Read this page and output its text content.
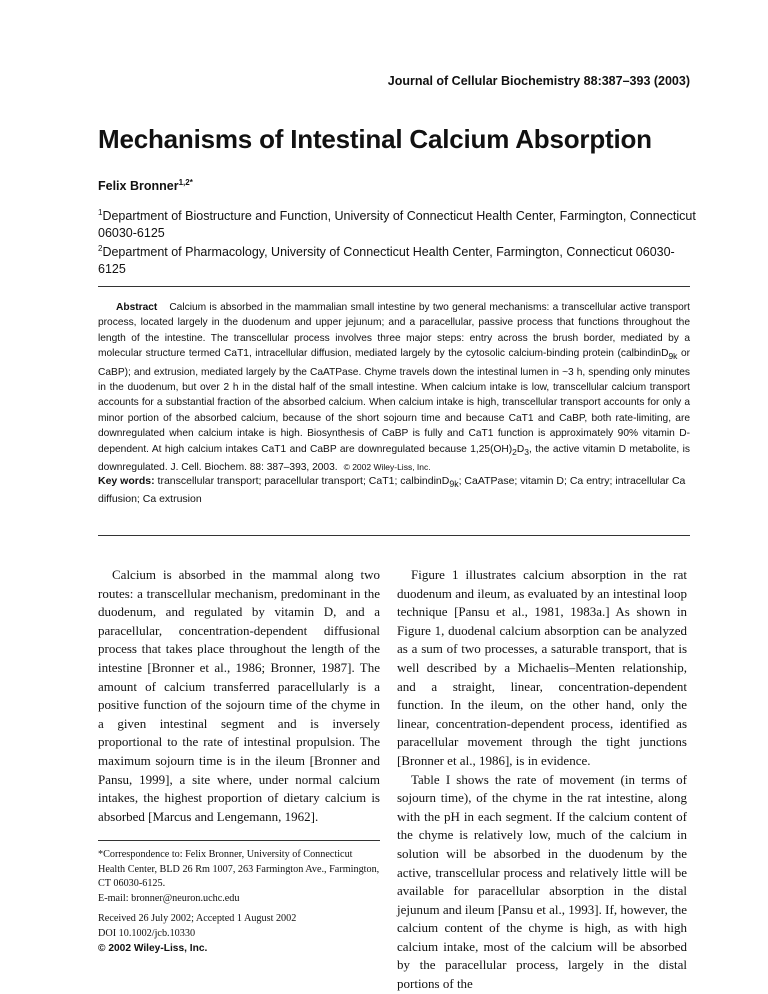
Journal of Cellular Biochemistry 88:387–393 (2003)
Mechanisms of Intestinal Calcium Absorption
Felix Bronner$^{1,2*}$
$^1$Department of Biostructure and Function, University of Connecticut Health Center, Farmington, Connecticut 06030-6125
$^2$Department of Pharmacology, University of Connecticut Health Center, Farmington, Connecticut 06030-6125
Abstract Calcium is absorbed in the mammalian small intestine by two general mechanisms: a transcellular active transport process, located largely in the duodenum and upper jejunum; and a paracellular, passive process that functions throughout the length of the intestine. The transcellular process involves three major steps: entry across the brush border, mediated by a molecular structure termed CaT1, intracellular diffusion, mediated largely by the cytosolic calcium-binding protein (calbindinD$_{9k}$ or CaBP); and extrusion, mediated largely by the CaATPase. Chyme travels down the intestinal lumen in ~3 h, spending only minutes in the duodenum, but over 2 h in the distal half of the small intestine. When calcium intake is low, transcellular calcium transport accounts for a substantial fraction of the absorbed calcium. When calcium intake is high, transcellular transport accounts for only a minor portion of the absorbed calcium, because of the short sojourn time and because CaT1 and CaBP, both rate-limiting, are downregulated when calcium intake is high. Biosynthesis of CaBP is fully and CaT1 function is approximately 90% vitamin D-dependent. At high calcium intakes CaT1 and CaBP are downregulated because $1,25(OH)_2D_3$, the active vitamin D metabolite, is downregulated. J. Cell. Biochem. 88: 387–393, 2003. © 2002 Wiley-Liss, Inc.
Key words: transcellular transport; paracellular transport; CaT1; calbindinD$_{9k}$; CaATPase; vitamin D; Ca entry; intracellular Ca diffusion; Ca extrusion

Calcium is absorbed in the mammal along two routes: a transcellular mechanism, predominant in the duodenum, and regulated by vitamin D, and a paracellular, concentration-dependent diffusional process that takes place throughout the length of the intestine [Bronner et al., 1986; Bronner, 1987]. The amount of calcium transferred paracellularly is a positive function of the sojourn time of the chyme in a given intestinal segment and is inversely proportional to the rate of intestinal propulsion. The maximum sojourn time is in the ileum [Bronner and Pansu, 1999], a site where, under normal calcium intakes, the highest proportion of dietary calcium is absorbed [Marcus and Lengemann, 1962].

Figure 1 illustrates calcium absorption in the rat duodenum and ileum, as evaluated by an intestinal loop technique [Pansu et al., 1981, 1983a.] As shown in Figure 1, duodenal calcium absorption can be analyzed as a sum of two processes, a saturable transport, that is well described by a Michaelis–Menten relationship, and a straight, linear, concentration-dependent function. In the ileum, on the other hand, only the linear, concentration-dependent process, identified as paracellular movement through the tight junctions [Bronner et al., 1986], is in evidence.

Table I shows the rate of movement (in terms of sojourn time), of the chyme in the rat intestine, along with the pH in each segment. If the calcium content of the chyme is relatively low, much of the calcium in solution will be absorbed in the duodenum by the active, transcellular process and relatively little will be available for paracellular absorption in the distal jejunum and ileum [Pansu et al., 1993]. If, however, the calcium content of the chyme is high, as with high calcium intake, most of the calcium will be absorbed by the paracellular process, largely in the distal portions of the

*Correspondence to: Felix Bronner, University of Connecticut Health Center, BLD 26 Rm 1007, 263 Farmington Ave., Farmington, CT 06030-6125.
E-mail: bronner@neuron.uchc.edu
Received 26 July 2002; Accepted 1 August 2002
DOI 10.1002/jcb.10330
© 2002 Wiley-Liss, Inc.
